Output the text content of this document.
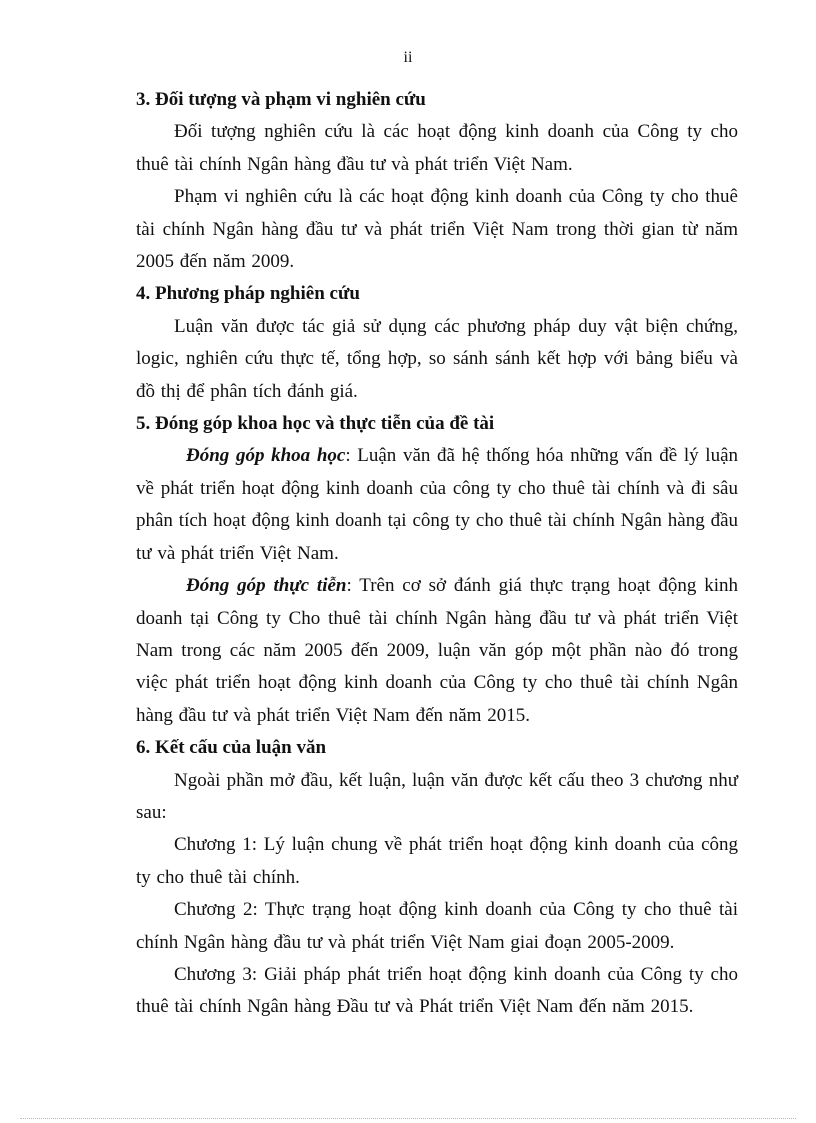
ii

3. Đối tượng và phạm vi nghiên cứu

Đối tượng nghiên cứu là các hoạt động kinh doanh của Công ty cho thuê tài chính Ngân hàng đầu tư và phát triển Việt Nam.

Phạm vi nghiên cứu là các hoạt động kinh doanh của Công ty cho thuê tài chính Ngân hàng đầu tư và phát triển Việt Nam trong thời gian từ năm 2005 đến năm 2009.

4. Phương pháp nghiên cứu

Luận văn được tác giả sử dụng các phương pháp duy vật biện chứng, logic, nghiên cứu thực tế, tổng hợp, so sánh sánh kết hợp với bảng biểu và đồ thị để phân tích đánh giá.

5. Đóng góp khoa học và thực tiễn của đề tài

Đóng góp khoa học: Luận văn đã hệ thống hóa những vấn đề lý luận về phát triển hoạt động kinh doanh của công ty cho thuê tài chính và đi sâu phân tích hoạt động kinh doanh tại công ty cho thuê tài chính Ngân hàng đầu tư và phát triển Việt Nam.

Đóng góp thực tiễn: Trên cơ sở đánh giá thực trạng hoạt động kinh doanh tại Công ty Cho thuê tài chính Ngân hàng đầu tư và phát triển Việt Nam trong các năm 2005 đến 2009, luận văn góp một phần nào đó trong việc phát triển hoạt động kinh doanh của Công ty cho thuê tài chính Ngân hàng đầu tư và phát triển Việt Nam đến năm 2015.

6. Kết cấu của luận văn

Ngoài phần mở đầu, kết luận, luận văn được kết cấu theo 3 chương như sau:

Chương 1: Lý luận chung về phát triển hoạt động kinh doanh của công ty cho thuê tài chính.

Chương 2: Thực trạng hoạt động kinh doanh của Công ty cho thuê tài chính Ngân hàng đầu tư và phát triển Việt Nam giai đoạn 2005-2009.

Chương 3: Giải pháp phát triển hoạt động kinh doanh của Công ty cho thuê tài chính Ngân hàng Đầu tư và Phát triển Việt Nam đến năm 2015.
